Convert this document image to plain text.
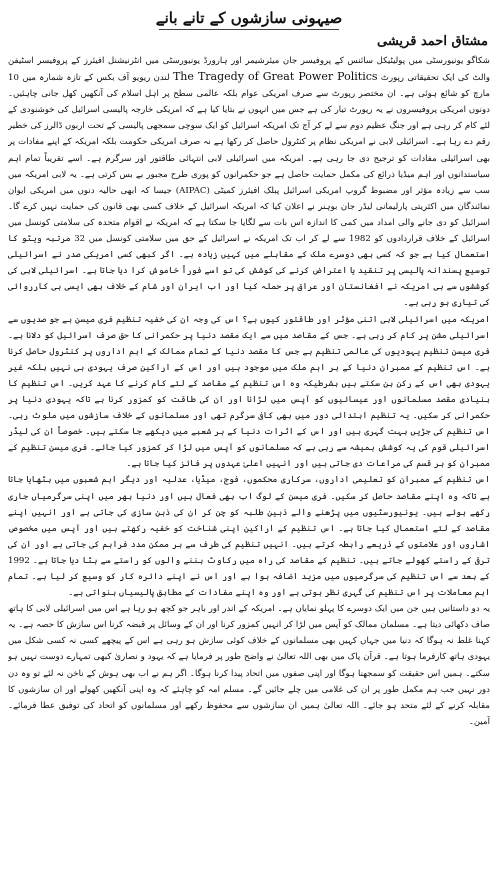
صیہونی سازشوں کے تانے بانے
مشتاق احمد قریشی

شکاگو یونیورسٹی میں پولیٹیکل سائنس کے پروفیسر جان میئرشیمر اور ہارورڈ یونیورسٹی میں انٹرنیشنل افیئرز کے پروفیسر اسٹیفن والٹ کی ایک تحقیقاتی رپورٹ The Tragedy of Great Power Politics لندن ریویو آف بکس کے تازہ شمارہ میں 10 مارچ کو شائع ہوئی ہے۔ ان مختصر رپورٹ سے صرف امریکی عوام بلکہ عالمی سطح پر اہل اسلام کی آنکھیں کھل جانی چاہئیں۔ دونوں امریکی پروفیسروں نے یہ رپورٹ تیار کی ہے جس میں انہوں نے بتایا کیا ہے کہ امریکی خارجہ پالیسی اسرائیل کی خوشنودی کے لئے کام کر رہی ہے اور جنگ عظیم دوم سے لے کر آج تک امریکہ اسرائیل کو ایک سوچی سمجھی پالیسی کے تحت اربوں ڈالرز کی خطیر رقم دے رہا ہے۔ اسرائیلی لابی نے امریکی نظام پر کنٹرول حاصل کر رکھا ہے نہ صرف امریکی حکومت بلکہ امریکہ کے اپنے مفادات پر بھی اسرائیلی مفادات کو ترجیح دی جا رہی ہے۔ امریکہ میں اسرائیلی لابی انتہائی طاقتور اور سرگرم ہے۔ اسے تقریباً تمام اہم سیاستدانوں اور اہم میڈیا ذرائع کی مکمل حمایت حاصل ہے جو حکمرانوں کو پوری طرح مجبور بے بس کرتی ہے۔ یہ لابی امریکہ میں سب سے زیادہ مؤثر اور مضبوط گروپ امریکی اسرائیل پبلک افیئرز کمیٹی (AIPAC) جیسا کہ ابھی حالیہ دنوں میں امریکی ایوان نمائندگان میں اکثریتی پارلیمانی لیڈر جان بوہنر نے اعلان کیا کہ امریکہ اسرائیل کے خلاف کسی بھی قانون کی حمایت نہیں کرے گا۔ اسرائیل کو دی جانے والی امداد میں کمی کا اندازہ اس بات سے لگایا جا سکتا ہے کہ امریکہ نے اقوام متحدہ کی سلامتی کونسل میں اسرائیل کے خلاف قراردادوں کو 1982 سے لے کر اب تک امریکہ نے اسرائیل کے حق میں سلامتی کونسل میں 32 مرتبہ ویٹو کا استعمال کیا ہے جو کہ کسی بھی دوسرے ملک کے مقابلے میں کہیں زیادہ ہے۔ اگر کبھی کسی امریکی صدر نے اسرائیلی توسیع پسندانہ پالیسی پر تنقید یا اعتراض کرنے کی کوشش کی تو اسے فوراً خاموش کرا دیا جاتا ہے۔ اسرائیلی لابی کی کوششوں سے ہی امریکہ نے افغانستان اور عراق پر حملہ کیا اور اب ایران اور شام کے خلاف بھی ایسی ہی کارروائی کی تیاری ہو رہی ہے۔

امریکہ میں اسرائیلی لابی اتنی مؤثر اور طاقتور کیوں ہے؟ اس کی وجہ ان کی خفیہ تنظیم فری میسن ہے جو صدیوں سے اسرائیلی مشن پر کام کر رہی ہے۔ جس کے مقاصد میں سے ایک مقصد دنیا پر حکمرانی کا حق صرف اسرائیل کو دلانا ہے۔ فری میسن تنظیم یہودیوں کی عالمی تنظیم ہے جس کا مقصد دنیا کے تمام ممالک کے اہم اداروں پر کنٹرول حاصل کرنا ہے۔ اس تنظیم کے ممبران دنیا کے ہر اہم ملک میں موجود ہیں اور اس کے اراکین صرف یہودی ہی نہیں بلکہ غیر یہودی بھی اس کے رکن بن سکتے ہیں بشرطیکہ وہ اس تنظیم کے مقاصد کے لئے کام کرنے کا عہد کریں۔ اس تنظیم کا بنیادی مقصد مسلمانوں اور عیسائیوں کو آپس میں لڑانا اور ان کی طاقت کو کمزور کرنا ہے تاکہ یہودی دنیا پر حکمرانی کر سکیں۔ یہ تنظیم ابتدائی دور میں بھی کافی سرگرم تھی اور مسلمانوں کے خلاف سازشوں میں ملوث رہی۔ اس تنظیم کی جڑیں بہت گہری ہیں اور اس کے اثرات دنیا کے ہر شعبے میں دیکھے جا سکتے ہیں۔ خصوصاً ان کی لیڈر اسرائیلی قوم کی یہ کوشش ہمیشہ سے رہی ہے کہ مسلمانوں کو آپس میں لڑا کر کمزور کیا جائے۔ فری میسن تنظیم کے ممبران کو ہر قسم کی مراعات دی جاتی ہیں اور انہیں اعلیٰ عہدوں پر فائز کیا جاتا ہے۔

اس تنظیم کے ممبران کو تعلیمی اداروں، سرکاری محکموں، فوج، میڈیا، عدلیہ اور دیگر اہم شعبوں میں بٹھایا جاتا ہے تاکہ وہ اپنے مقاصد حاصل کر سکیں۔ فری میسن کے لوگ اب بھی فعال ہیں اور دنیا بھر میں اپنی سرگرمیاں جاری رکھے ہوئے ہیں۔ یونیورسٹیوں میں پڑھنے والے ذہین طلبہ کو چن کر ان کی ذہن سازی کی جاتی ہے اور انہیں اپنے مقاصد کے لئے استعمال کیا جاتا ہے۔ اس تنظیم کے اراکین اپنی شناخت کو خفیہ رکھتے ہیں اور آپس میں مخصوص اشاروں اور علامتوں کے ذریعے رابطہ کرتے ہیں۔ انہیں تنظیم کی طرف سے ہر ممکن مدد فراہم کی جاتی ہے اور ان کی ترقی کے راستے کھولے جاتے ہیں۔ تنظیم کے مقاصد کی راہ میں رکاوٹ بننے والوں کو راستے سے ہٹا دیا جاتا ہے۔ 1992 کے بعد سے اس تنظیم کی سرگرمیوں میں مزید اضافہ ہوا ہے اور اس نے اپنے دائرہ کار کو وسیع کر لیا ہے۔ تمام اہم معاملات پر اس تنظیم کی گہری نظر ہوتی ہے اور وہ اپنے مفادات کے مطابق پالیسیاں بنواتی ہے۔

یہ دو داستانیں ہیں جن میں ایک دوسرے کا پہلو نمایاں ہے۔ امریکہ کے اندر اور باہر جو کچھ ہو رہا ہے اس میں اسرائیلی لابی کا ہاتھ صاف دکھائی دیتا ہے۔ مسلمان ممالک کو آپس میں لڑا کر انہیں کمزور کرنا اور ان کے وسائل پر قبضہ کرنا اس سازش کا حصہ ہے۔ یہ کہنا غلط نہ ہوگا کہ دنیا میں جہاں کہیں بھی مسلمانوں کے خلاف کوئی سازش ہو رہی ہے اس کے پیچھے کسی نہ کسی شکل میں یہودی ہاتھ کارفرما ہوتا ہے۔ قرآن پاک میں بھی اللہ تعالیٰ نے واضح طور پر فرمایا ہے کہ یہود و نصاریٰ کبھی تمہارے دوست نہیں ہو سکتے۔ ہمیں اس حقیقت کو سمجھنا ہوگا اور اپنی صفوں میں اتحاد پیدا کرنا ہوگا۔ اگر ہم نے اب بھی ہوش کے ناخن نہ لئے تو وہ دن دور نہیں جب ہم مکمل طور پر ان کی غلامی میں چلے جائیں گے۔ مسلم امہ کو چاہئے کہ وہ اپنی آنکھیں کھولے اور ان سازشوں کا مقابلہ کرنے کے لئے متحد ہو جائے۔ اللہ تعالیٰ ہمیں ان سازشوں سے محفوظ رکھے اور مسلمانوں کو اتحاد کی توفیق عطا فرمائے۔ آمین۔
